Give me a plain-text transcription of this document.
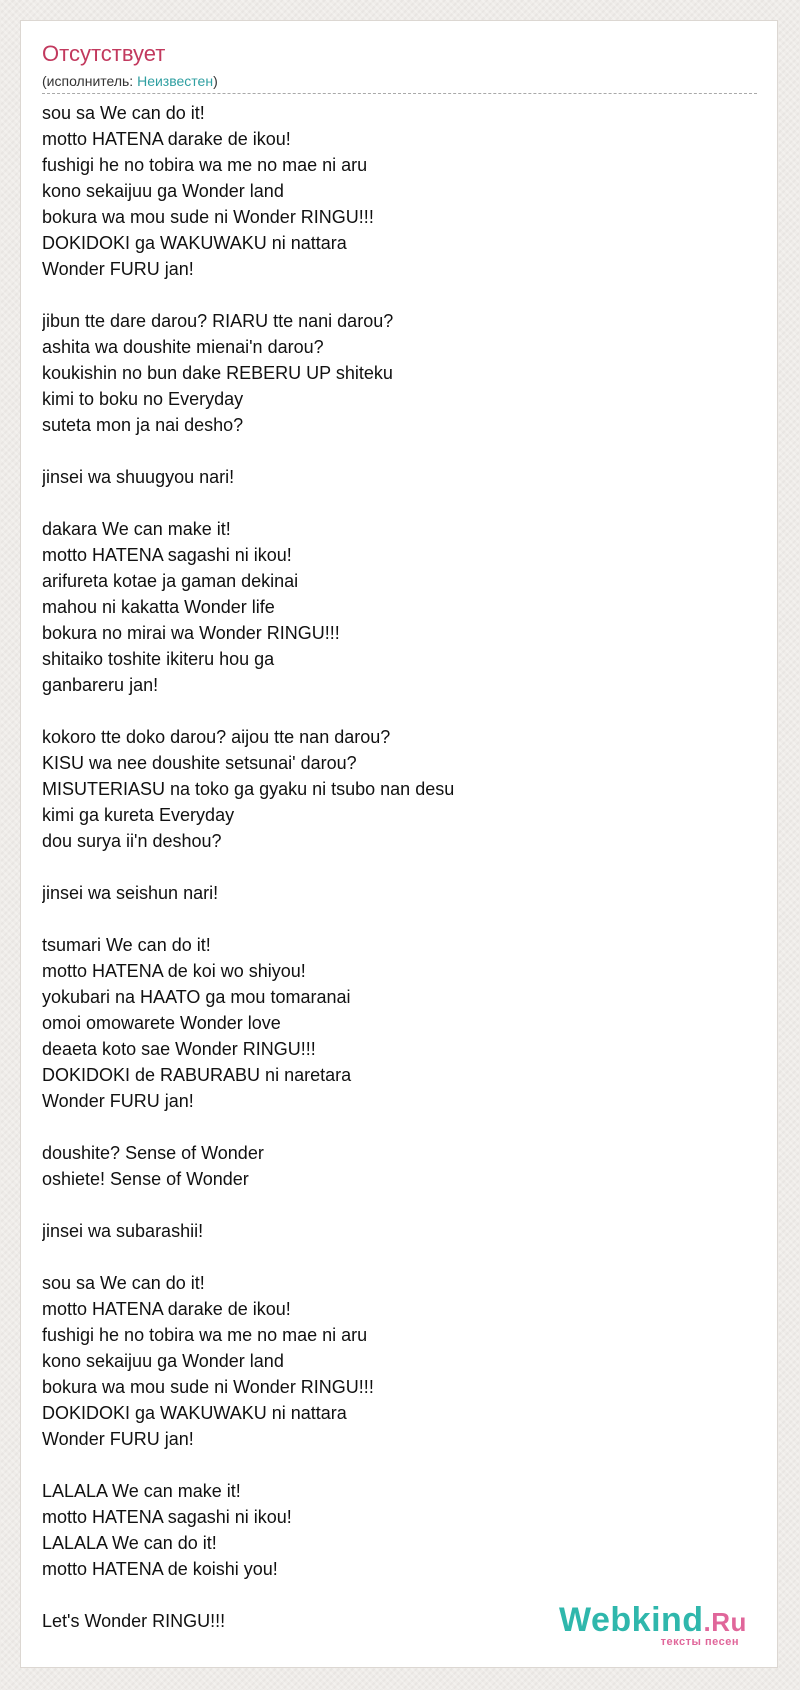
Отсутствует
(исполнитель: Неизвестен)
sou sa We can do it!
motto HATENA darake de ikou!
fushigi he no tobira wa me no mae ni aru
kono sekaijuu ga Wonder land
bokura wa mou sude ni Wonder RINGU!!!
DOKIDOKI ga WAKUWAKU ni nattara
Wonder FURU jan!
jibun tte dare darou? RIARU tte nani darou?
ashita wa doushite mienai'n darou?
koukishin no bun dake REBERU UP shiteku
kimi to boku no Everyday
suteta mon ja nai desho?
jinsei wa shuugyou nari!
dakara We can make it!
motto HATENA sagashi ni ikou!
arifureta kotae ja gaman dekinai
mahou ni kakatta Wonder life
bokura no mirai wa Wonder RINGU!!!
shitaiko toshite ikiteru hou ga
ganbareru jan!
kokoro tte doko darou? aijou tte nan darou?
KISU wa nee doushite setsunai' darou?
MISUTERIASU na toko ga gyaku ni tsubo nan desu
kimi ga kureta Everyday
dou surya ii'n deshou?
jinsei wa seishun nari!
tsumari We can do it!
motto HATENA de koi wo shiyou!
yokubari na HAATO ga mou tomaranai
omoi omowarete Wonder love
deaeta koto sae Wonder RINGU!!!
DOKIDOKI de RABURABU ni naretara
Wonder FURU jan!
doushite? Sense of Wonder
oshiete! Sense of Wonder
jinsei wa subarashii!
sou sa We can do it!
motto HATENA darake de ikou!
fushigi he no tobira wa me no mae ni aru
kono sekaijuu ga Wonder land
bokura wa mou sude ni Wonder RINGU!!!
DOKIDOKI ga WAKUWAKU ni nattara
Wonder FURU jan!
LALALA We can make it!
motto HATENA sagashi ni ikou!
LALALA We can do it!
motto HATENA de koishi you!
Let's Wonder RINGU!!!	Webkind.Ru
тексты песен
